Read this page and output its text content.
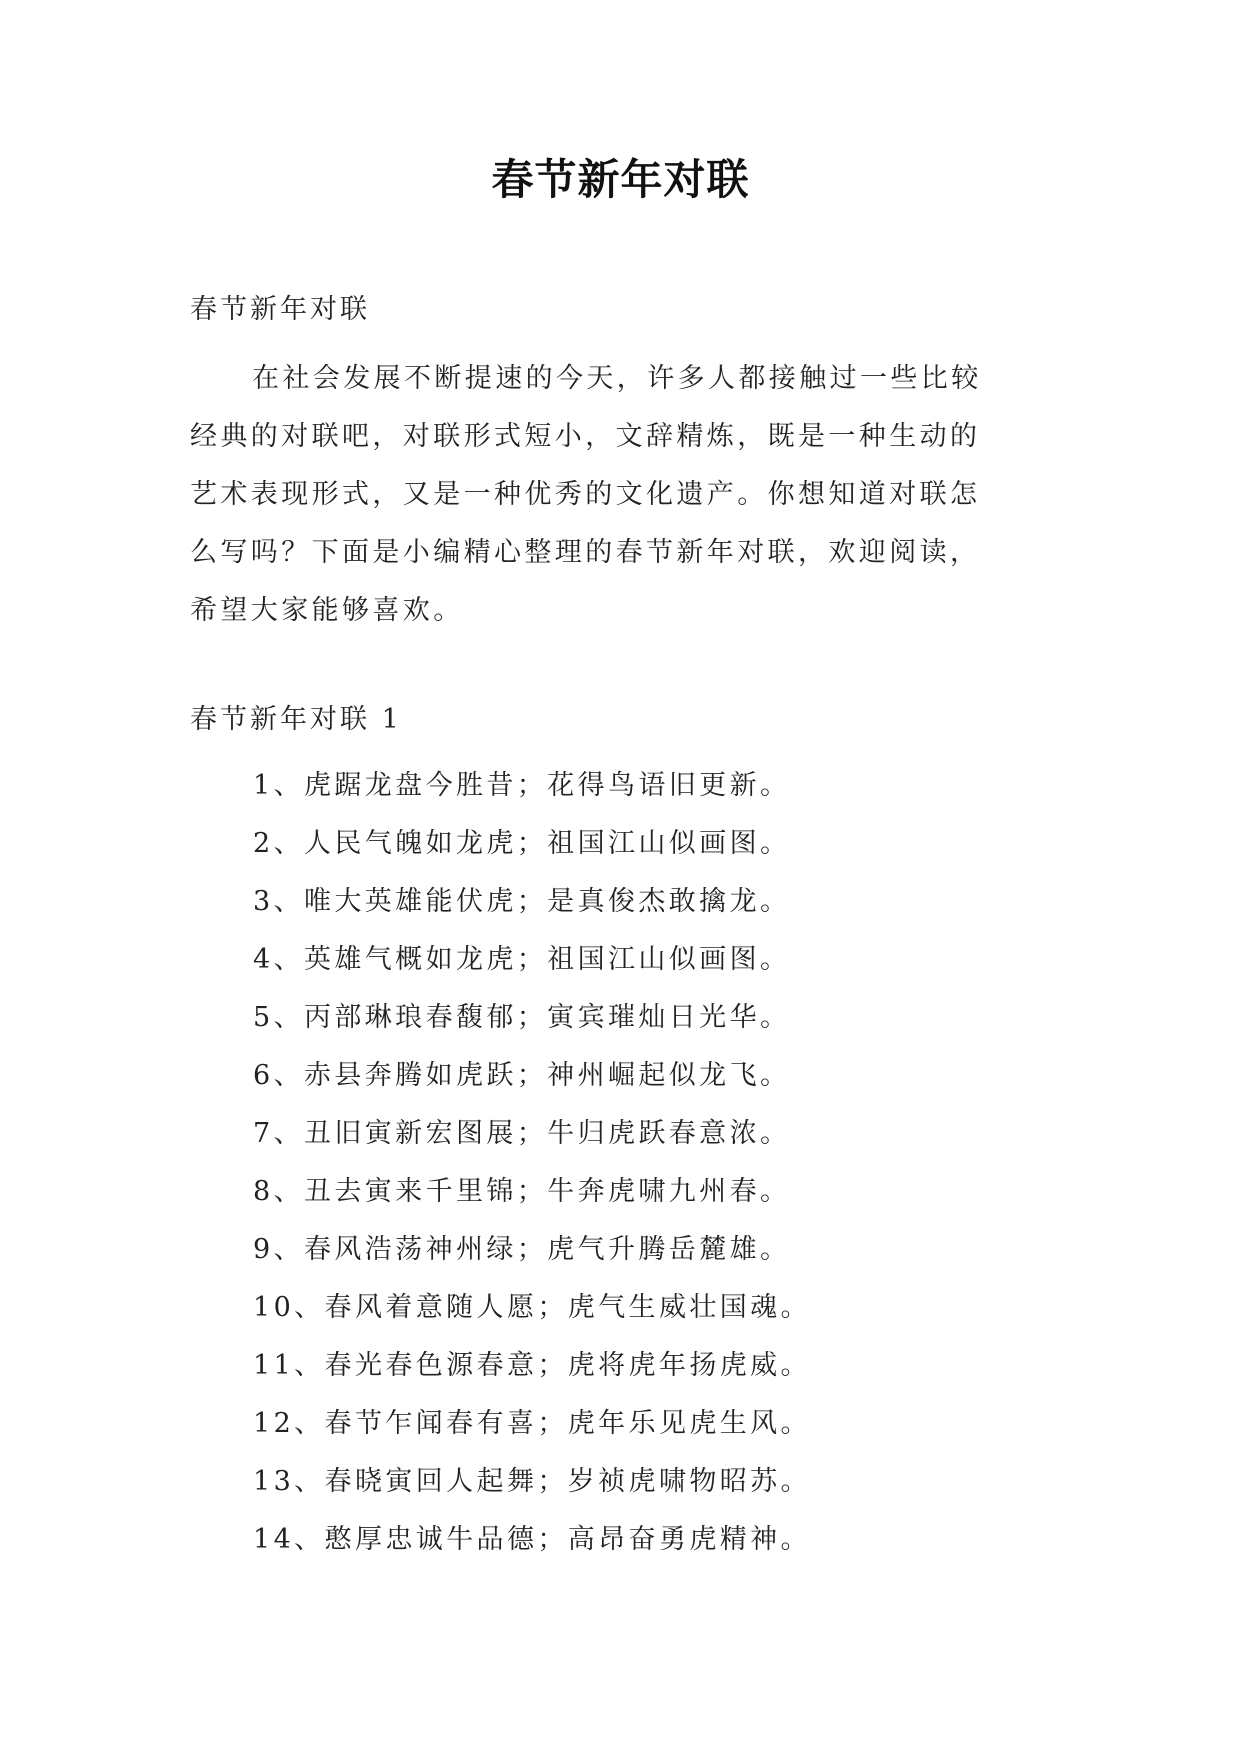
春节新年对联
春节新年对联
在社会发展不断提速的今天，许多人都接触过一些比较
经典的对联吧，对联形式短小，文辞精炼，既是一种生动的
艺术表现形式，又是一种优秀的文化遗产。你想知道对联怎
么写吗？下面是小编精心整理的春节新年对联，欢迎阅读，
希望大家能够喜欢。
春节新年对联 1
1、虎踞龙盘今胜昔；花得鸟语旧更新。
2、人民气魄如龙虎；祖国江山似画图。
3、唯大英雄能伏虎；是真俊杰敢擒龙。
4、英雄气概如龙虎；祖国江山似画图。
5、丙部琳琅春馥郁；寅宾璀灿日光华。
6、赤县奔腾如虎跃；神州崛起似龙飞。
7、丑旧寅新宏图展；牛归虎跃春意浓。
8、丑去寅来千里锦；牛奔虎啸九州春。
9、春风浩荡神州绿；虎气升腾岳麓雄。
10、春风着意随人愿；虎气生威壮国魂。
11、春光春色源春意；虎将虎年扬虎威。
12、春节乍闻春有喜；虎年乐见虎生风。
13、春晓寅回人起舞；岁祯虎啸物昭苏。
14、憨厚忠诚牛品德；高昂奋勇虎精神。
